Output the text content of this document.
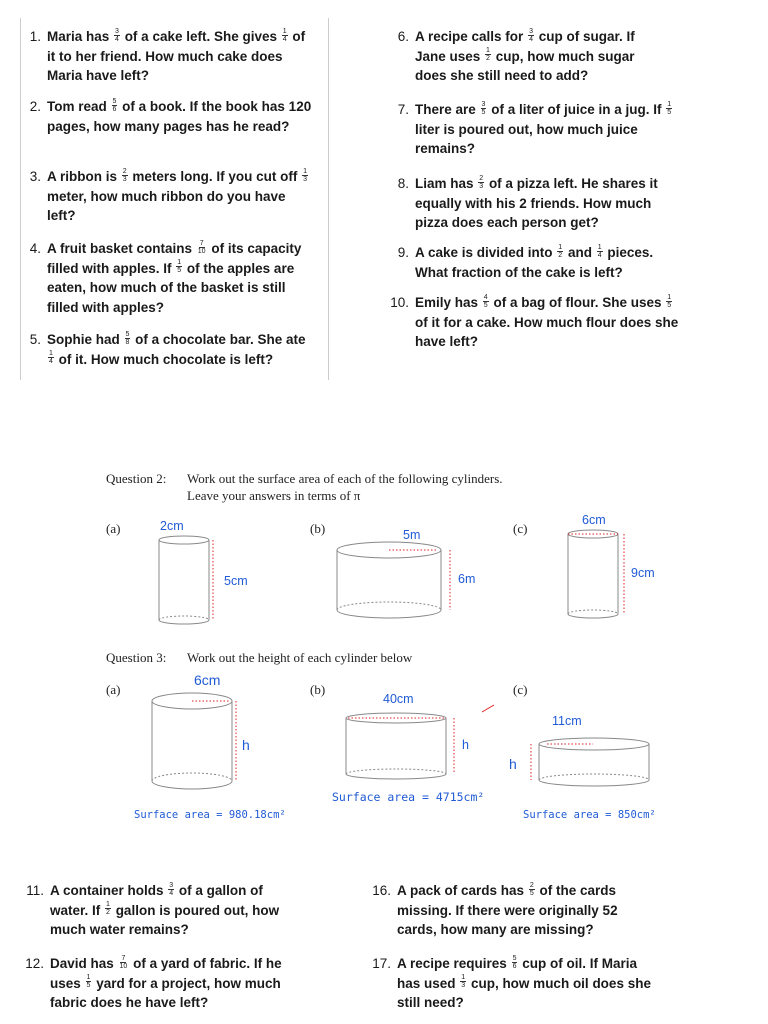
1. Maria has $\frac{3}{4}$ of a cake left. She gives $\frac{1}{4}$ of it to her friend. How much cake does Maria have left?
2. Tom read $\frac{5}{6}$ of a book. If the book has 120 pages, how many pages has he read?
3. A ribbon is $\frac{2}{3}$ meters long. If you cut off $\frac{1}{3}$
meter, how much ribbon do you have left?
4. A fruit basket contains $\frac{7}{10}$ of its capacity filled with apples. If $\frac{1}{5}$ of the apples are eaten, how much of the basket is still filled with apples?
5. Sophie had $\frac{5}{8}$ of a chocolate bar. She ate
$\frac{1}{4}$ of it. How much chocolate is left?
6. A recipe calls for $\frac{3}{4}$ cup of sugar. If Jane uses $\frac{1}{2}$ cup, how much sugar does she still need to add?
7. There are $\frac{3}{5}$ of a liter of juice in a jug. If $\frac{1}{5}$
liter is poured out, how much juice remains?
8. Liam has $\frac{2}{3}$ of a pizza left. He shares it equally with his 2 friends. How much pizza does each person get?
9. A cake is divided into $\frac{1}{2}$ and $\frac{1}{4}$ pieces. What fraction of the cake is left?
10. Emily has $\frac{4}{5}$ of a bag of flour. She uses $\frac{1}{5}$
of it for a cake. How much flour does she have left?
Question 2: Work out the surface area of each of the following cylinders.
Leave your answers in terms of π
(a)	(b)	(c)
2cm
5cm
5m
6m
6cm
9cm
Question 3: Work out the height of each cylinder below
(a)	(b)	(c)
6cm
h
40cm
h
11cm
h
Surface area = 980.18cm²
Surface area = 4715cm²
Surface area = 850cm²
11. A container holds $\frac{3}{4}$ of a gallon of water. If $\frac{1}{2}$ gallon is poured out, how much water remains?
12. David has $\frac{7}{10}$ of a yard of fabric. If he uses $\frac{1}{5}$ yard for a project, how much fabric does he have left?
16. A pack of cards has $\frac{2}{5}$ of the cards missing. If there were originally 52 cards, how many are missing?
17. A recipe requires $\frac{5}{6}$ cup of oil. If Maria has used $\frac{1}{3}$ cup, how much oil does she still need?
